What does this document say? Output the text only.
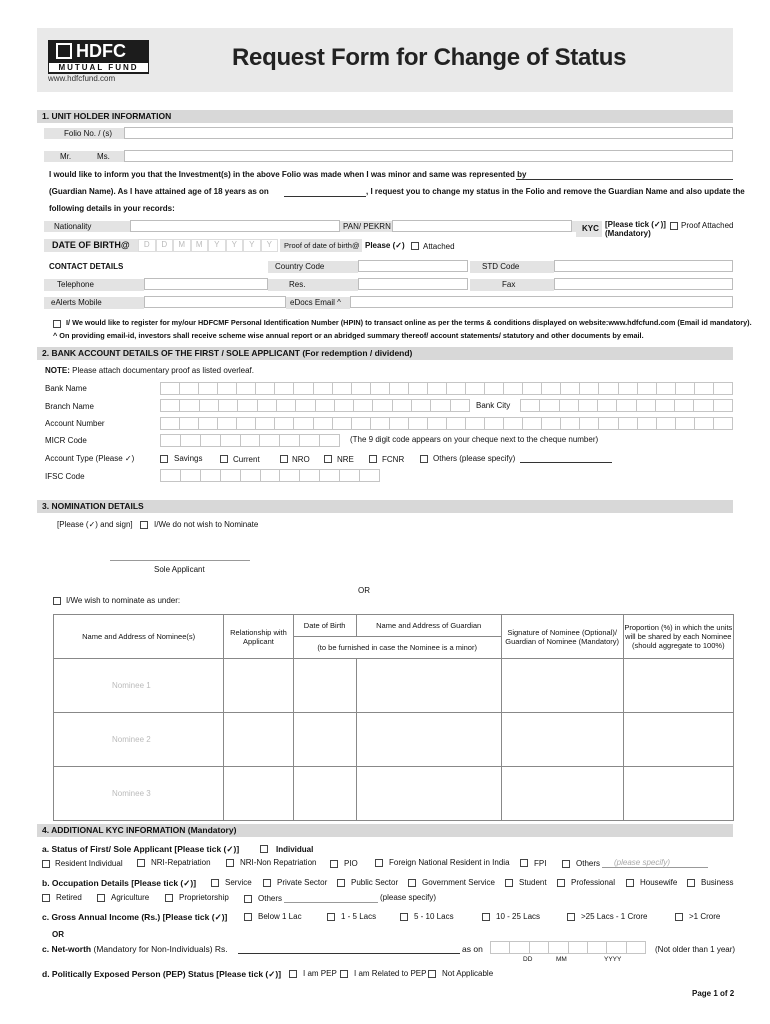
HDFC
MUTUAL FUND
www.hdfcfund.com
Request Form for Change of Status
1. UNIT HOLDER INFORMATION
Folio No. / (s)
Mr.	Ms.
I would like to inform you that the Investment(s) in the above Folio was made when I was minor and same was represented by
(Guardian Name). As I have attained age of 18 years as on	, I request you to change my status in the Folio and remove the Guardian Name and also update the
following details in your records:
Nationality	PAN/ PEKRN	KYC [Please tick (✓)]
(Mandatory)
Proof Attached
DATE OF BIRTH@	D	D	M	M	Y	Y	Y	Y	Proof of date of birth@ Please (✓) Attached
CONTACT DETAILS	Country Code	STD Code
Telephone	Res.	Fax
eAlerts Mobile	eDocs Email ^
I/ We would like to register for my/our HDFCMF Personal Identification Number (HPIN) to transact online as per the terms & conditions displayed on website:www.hdfcfund.com (Email id mandatory).
^ On providing email-id, investors shall receive scheme wise annual report or an abridged summary thereof/ account statements/ statutory and other documents by email.
2. BANK ACCOUNT DETAILS OF THE FIRST / SOLE APPLICANT (For redemption / dividend)
NOTE: Please attach documentary proof as listed overleaf.
Bank Name
Branch Name	Bank City
Account Number
MICR Code	(The 9 digit code appears on your cheque next to the cheque number)
Account Type (Please ✓)	Savings	Current	NRO	NRE	FCNR	Others (please specify)
IFSC Code
3. NOMINATION DETAILS
[Please (✓) and sign]	I/We do not wish to Nominate
Sole Applicant
OR
I/We wish to nominate as under:
Name and Address of Nominee(s)	Relationship with Applicant	Date of Birth	Name and Address of Guardian	Signature of Nominee (Optional)/ Guardian of Nominee (Mandatory)	Proportion (%) in which the units will be shared by each Nominee (should aggregate to 100%)
		(to be furnished in case the Nominee is a minor)			
Nominee 1					
Nominee 2					
Nominee 3					
4. ADDITIONAL KYC INFORMATION (Mandatory)
a. Status of First/ Sole Applicant [Please tick (✓)]	Individual
Resident Individual	NRI-Repatriation	NRI-Non Repatriation	PIO	Foreign National Resident in India	FPI	Others (please specify)
b. Occupation Details [Please tick (✓)]	Service	Private Sector	Public Sector	Government Service	Student	Professional	Housewife	Business
Retired	Agriculture	Proprietorship	Others	(please specify)
c. Gross Annual Income (Rs.) [Please tick (✓)]	Below 1 Lac	1 - 5 Lacs	5 - 10 Lacs	10 - 25 Lacs	>25 Lacs - 1 Crore	>1 Crore
OR
c. Net-worth (Mandatory for Non-Individuals) Rs.	as on
DD	MM	YYYY
(Not older than 1 year)
d. Politically Exposed Person (PEP) Status [Please tick (✓)]	I am PEP I am Related to PEP Not Applicable
Page 1 of 2
